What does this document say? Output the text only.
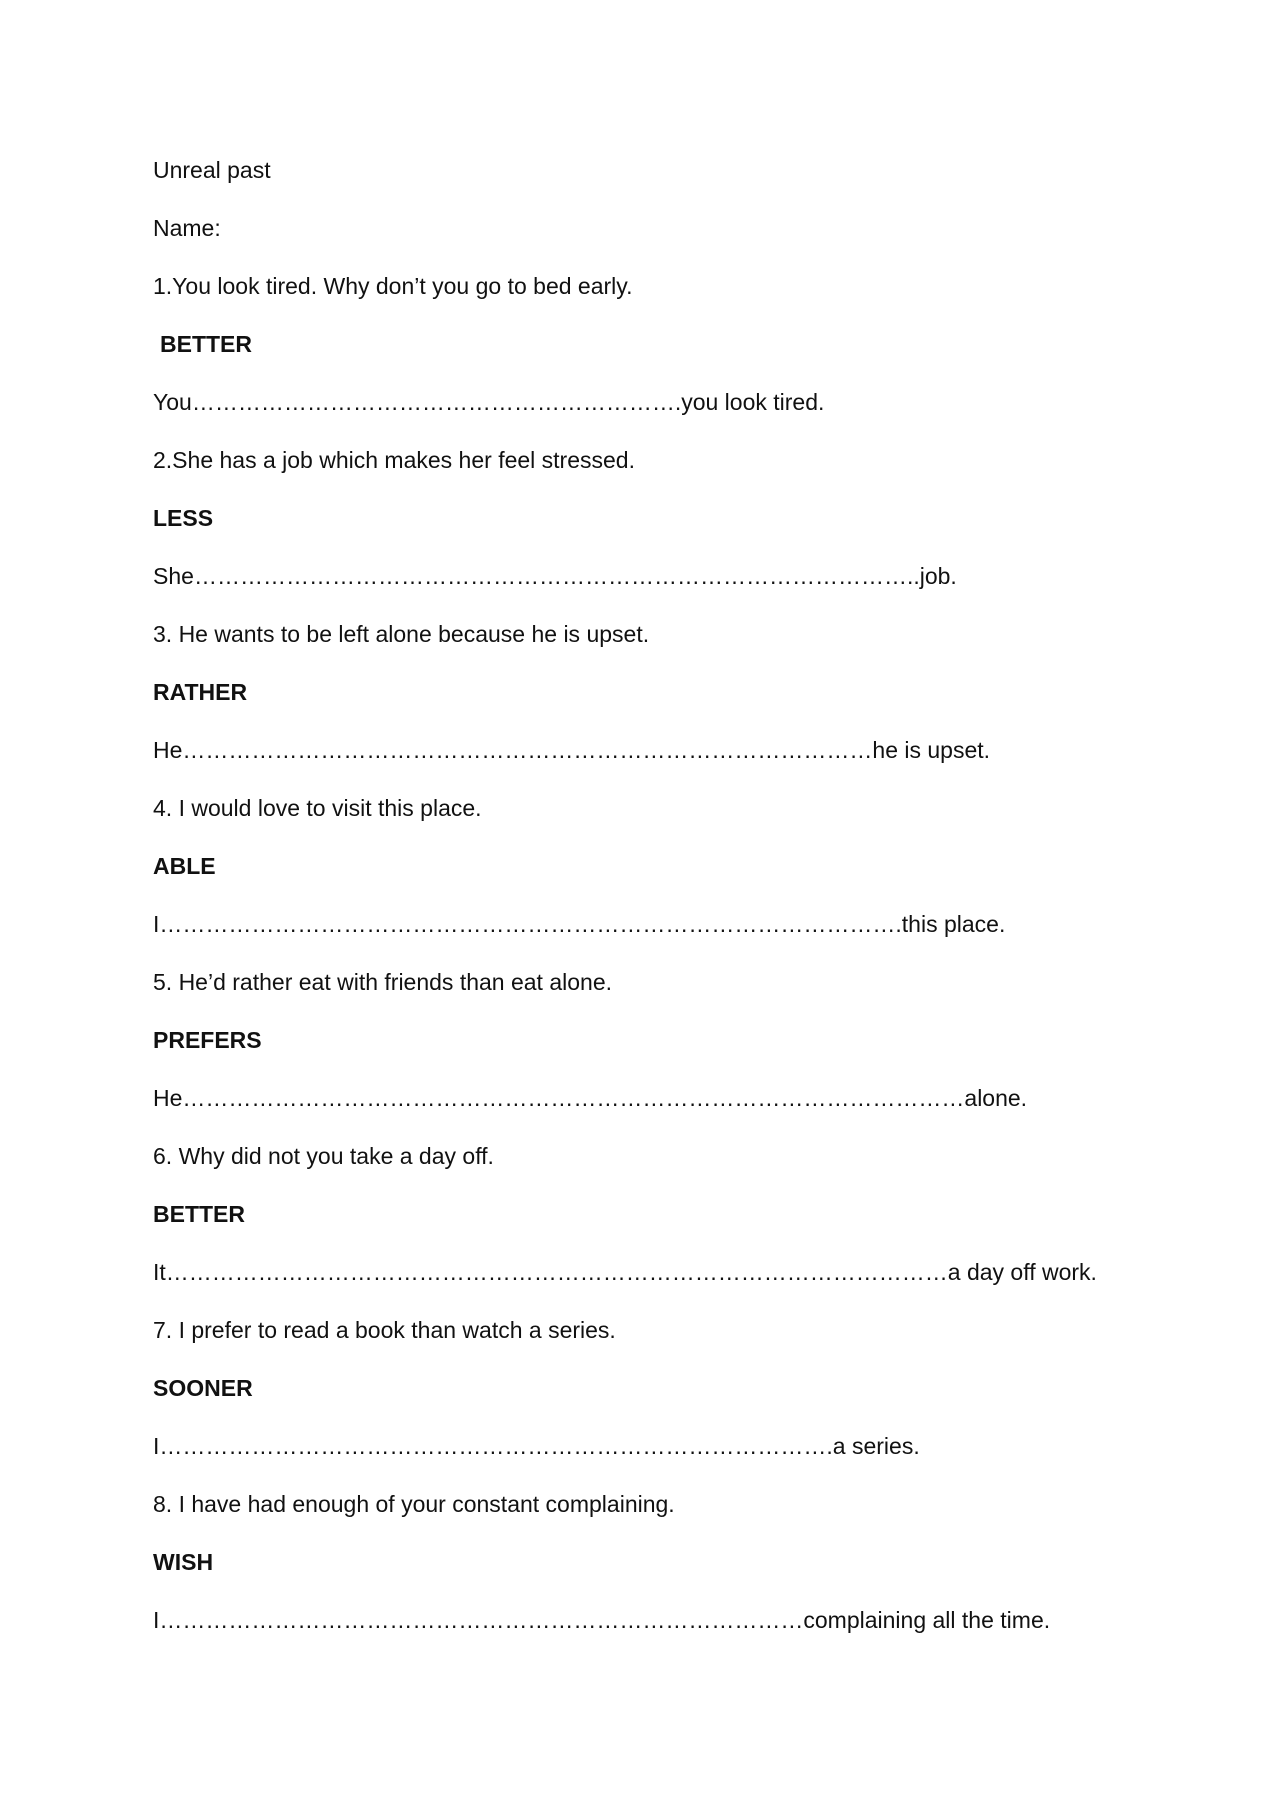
Unreal past
Name:
1.You look tired. Why don’t you go to bed early.
BETTER
You……………………………………………………….you look tired.
2.She has a job which makes her feel stressed.
LESS
She…………………………………………………………………………………..job.
3. He wants to be left alone because he is upset.
RATHER
He………………………………………………………………………………he is upset.
4. I would love to visit this place.
ABLE
I…………………………………………………………………………………….this place.
5. He’d rather eat with friends than eat alone.
PREFERS
He…………………………………………………………………………………………alone.
6. Why did not you take a day off.
BETTER
It…………………………………………………………………………………………a day off work.
7. I prefer to read a book than watch a series.
SOONER
I…………………………………………………………………………….a series.
8. I have had enough of your constant complaining.
WISH
I…………………………………………………………………………complaining all the time.
